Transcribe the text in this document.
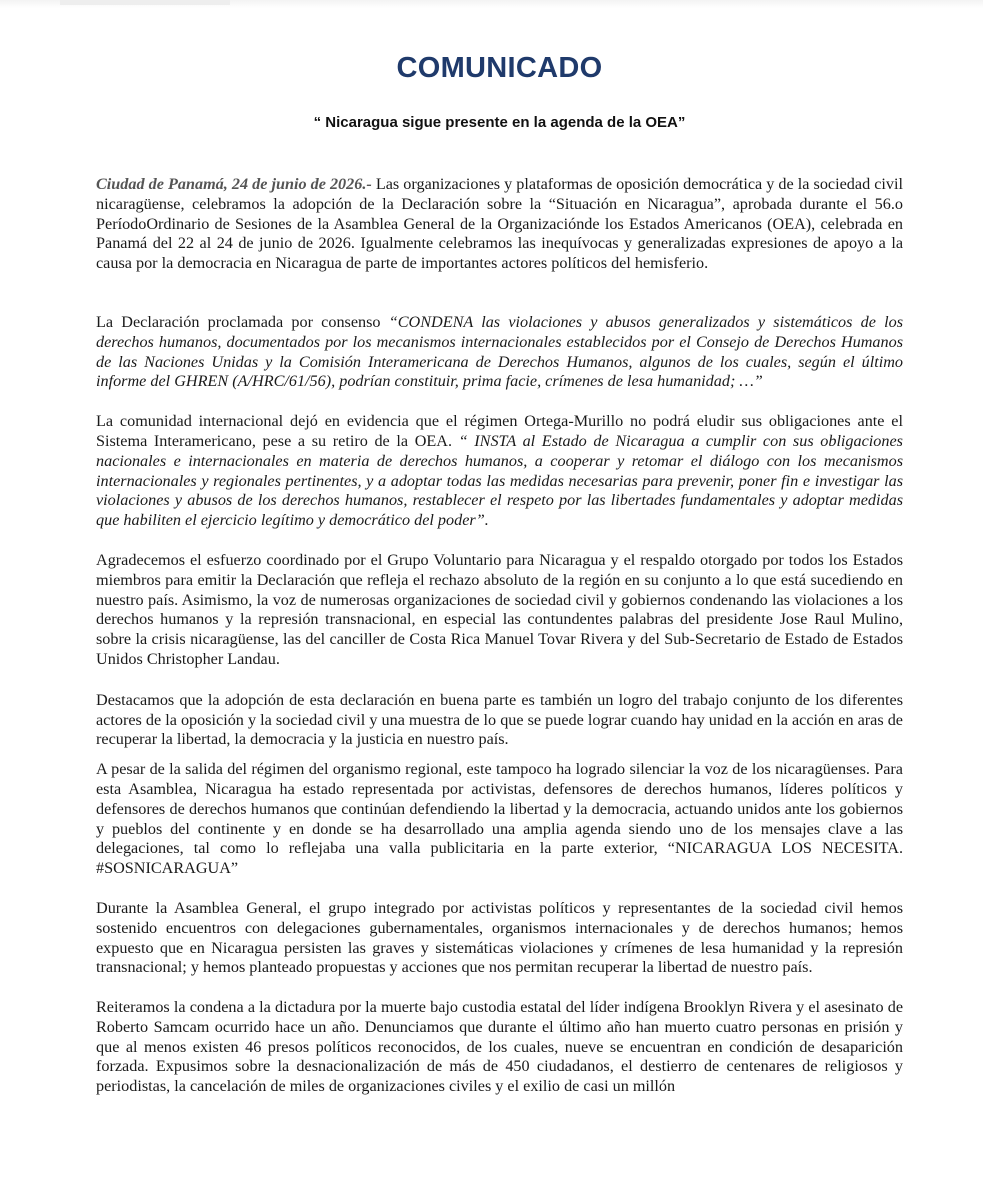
COMUNICADO
“ Nicaragua sigue presente en la agenda de la OEA”

Ciudad de Panamá, 24 de junio de 2026.- Las organizaciones y plataformas de oposición democrática y de la sociedad civil nicaragüense, celebramos la adopción de la Declaración sobre la “Situación en Nicaragua”, aprobada durante el 56.o PeríodoOrdinario de Sesiones de la Asamblea General de la Organizaciónde los Estados Americanos (OEA), celebrada en Panamá del 22 al 24 de junio de 2026. Igualmente celebramos las inequívocas y generalizadas expresiones de apoyo a la causa por la democracia en Nicaragua de parte de importantes actores políticos del hemisferio.

La Declaración proclamada por consenso “CONDENA las violaciones y abusos generalizados y sistemáticos de los derechos humanos, documentados por los mecanismos internacionales establecidos por el Consejo de Derechos Humanos de las Naciones Unidas y la Comisión Interamericana de Derechos Humanos, algunos de los cuales, según el último informe del GHREN (A/HRC/61/56), podrían constituir, prima facie, crímenes de lesa humanidad; …”

La comunidad internacional dejó en evidencia que el régimen Ortega-Murillo no podrá eludir sus obligaciones ante el Sistema Interamericano, pese a su retiro de la OEA. “ INSTA al Estado de Nicaragua a cumplir con sus obligaciones nacionales e internacionales en materia de derechos humanos, a cooperar y retomar el diálogo con los mecanismos internacionales y regionales pertinentes, y a adoptar todas las medidas necesarias para prevenir, poner fin e investigar las violaciones y abusos de los derechos humanos, restablecer el respeto por las libertades fundamentales y adoptar medidas que habiliten el ejercicio legítimo y democrático del poder”.

Agradecemos el esfuerzo coordinado por el Grupo Voluntario para Nicaragua y el respaldo otorgado por todos los Estados miembros para emitir la Declaración que refleja el rechazo absoluto de la región en su conjunto a lo que está sucediendo en nuestro país. Asimismo, la voz de numerosas organizaciones de sociedad civil y gobiernos condenando las violaciones a los derechos humanos y la represión transnacional, en especial las contundentes palabras del presidente Jose Raul Mulino, sobre la crisis nicaragüense, las del canciller de Costa Rica Manuel Tovar Rivera y del Sub-Secretario de Estado de Estados Unidos Christopher Landau.

Destacamos que la adopción de esta declaración en buena parte es también un logro del trabajo conjunto de los diferentes actores de la oposición y la sociedad civil y una muestra de lo que se puede lograr cuando hay unidad en la acción en aras de recuperar la libertad, la democracia y la justicia en nuestro país.

A pesar de la salida del régimen del organismo regional, este tampoco ha logrado silenciar la voz de los nicaragüenses. Para esta Asamblea, Nicaragua ha estado representada por activistas, defensores de derechos humanos, líderes políticos y defensores de derechos humanos que continúan defendiendo la libertad y la democracia, actuando unidos ante los gobiernos y pueblos del continente y en donde se ha desarrollado una amplia agenda siendo uno de los mensajes clave a las delegaciones, tal como lo reflejaba una valla publicitaria en la parte exterior, “NICARAGUA LOS NECESITA. #SOSNICARAGUA”

Durante la Asamblea General, el grupo integrado por activistas políticos y representantes de la sociedad civil hemos sostenido encuentros con delegaciones gubernamentales, organismos internacionales y de derechos humanos; hemos expuesto que en Nicaragua persisten las graves y sistemáticas violaciones y crímenes de lesa humanidad y la represión transnacional; y hemos planteado propuestas y acciones que nos permitan recuperar la libertad de nuestro país.

Reiteramos la condena a la dictadura por la muerte bajo custodia estatal del líder indígena Brooklyn Rivera y el asesinato de Roberto Samcam ocurrido hace un año. Denunciamos que durante el último año han muerto cuatro personas en prisión y que al menos existen 46 presos políticos reconocidos, de los cuales, nueve se encuentran en condición de desaparición forzada. Expusimos sobre la desnacionalización de más de 450 ciudadanos, el destierro de centenares de religiosos y periodistas, la cancelación de miles de organizaciones civiles y el exilio de casi un millón
